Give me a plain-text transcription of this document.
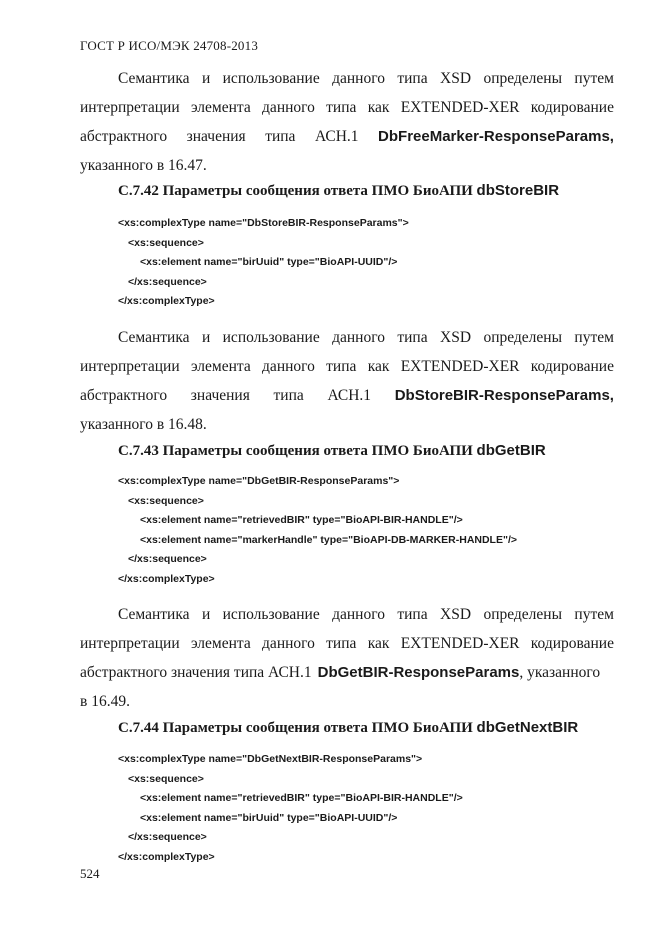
ГОСТ Р ИСО/МЭК 24708-2013
Семантика и использование данного типа XSD определены путем
интерпретации элемента данного типа как EXTENDED-XER кодирование
абстрактного значения типа АСН.1 DbFreeMarker-ResponseParams,
указанного в 16.47.
С.7.42 Параметры сообщения ответа ПМО БиоАПИ dbStoreBIR
<xs:complexType name="DbStoreBIR-ResponseParams">
<xs:sequence>
<xs:element name="birUuid" type="BioAPI-UUID"/>
</xs:sequence>
</xs:complexType>
Семантика и использование данного типа XSD определены путем
интерпретации элемента данного типа как EXTENDED-XER кодирование
абстрактного значения типа АСН.1 DbStoreBIR-ResponseParams,
указанного в 16.48.
С.7.43 Параметры сообщения ответа ПМО БиоАПИ dbGetBIR
<xs:complexType name="DbGetBIR-ResponseParams">
<xs:sequence>
<xs:element name="retrievedBIR" type="BioAPI-BIR-HANDLE"/>
<xs:element name="markerHandle" type="BioAPI-DB-MARKER-HANDLE"/>
</xs:sequence>
</xs:complexType>
Семантика и использование данного типа XSD определены путем
интерпретации элемента данного типа как EXTENDED-XER кодирование
абстрактного значения типа АСН.1 DbGetBIR-ResponseParams , указанного
в 16.49.
С.7.44 Параметры сообщения ответа ПМО БиоАПИ dbGetNextBIR
<xs:complexType name="DbGetNextBIR-ResponseParams">
<xs:sequence>
<xs:element name="retrievedBIR" type="BioAPI-BIR-HANDLE"/>
<xs:element name="birUuid" type="BioAPI-UUID"/>
</xs:sequence>
</xs:complexType>
524
